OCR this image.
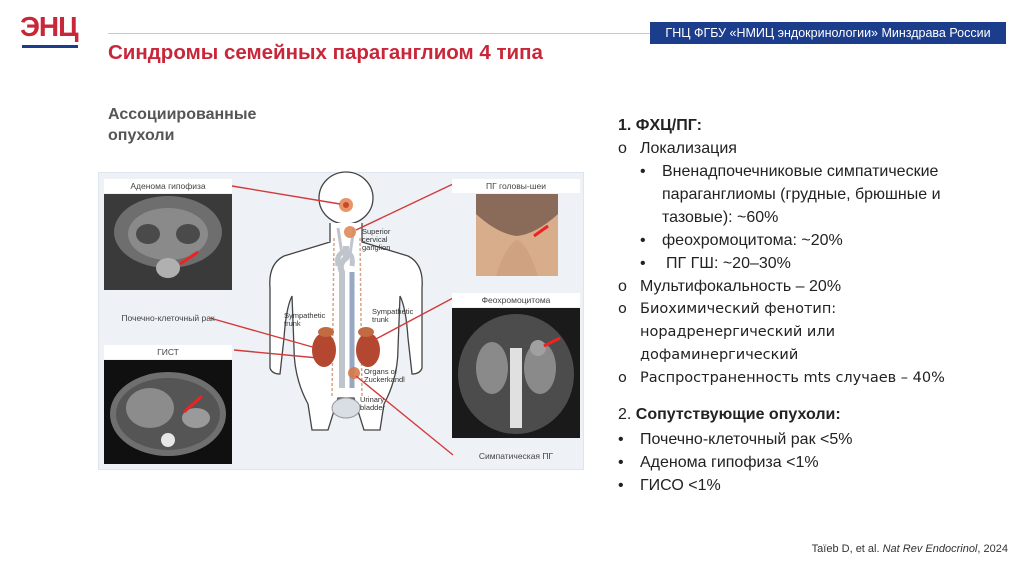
ЭНЦ	ГНЦ ФГБУ «НМИЦ эндокринологии» Минздрава России
Синдромы семейных параганглиом 4 типа
Ассоциированные опухоли
Superior
cervical
ganglion
Sympathetic
trunk
Sympathetic
trunk
Organs of
Zuckerkandl
Urinary
bladder
Аденома гипофиза
Почечно-клеточный рак
ГИСТ
ПГ головы-шеи
Феохромоцитома
Симпатическая ПГ
1. ФХЦ/ПГ:
o Локализация
• Вненадпочечниковые симпатические
параганглиомы (грудные, брюшные и
тазовые): ~60%
• феохромоцитома: ~20%
• ПГ ГШ: ~20–30%
o Мультифокальность – 20%
o Биохимический фенотип:
норадренергический или
дофаминергический
o Распространенность mts случаев – 40%
2. Сопутствующие опухоли:
• Почечно-клеточный рак <5%
• Аденома гипофиза <1%
• ГИСО <1%
Taïeb D, et al. Nat Rev Endocrinol, 2024
